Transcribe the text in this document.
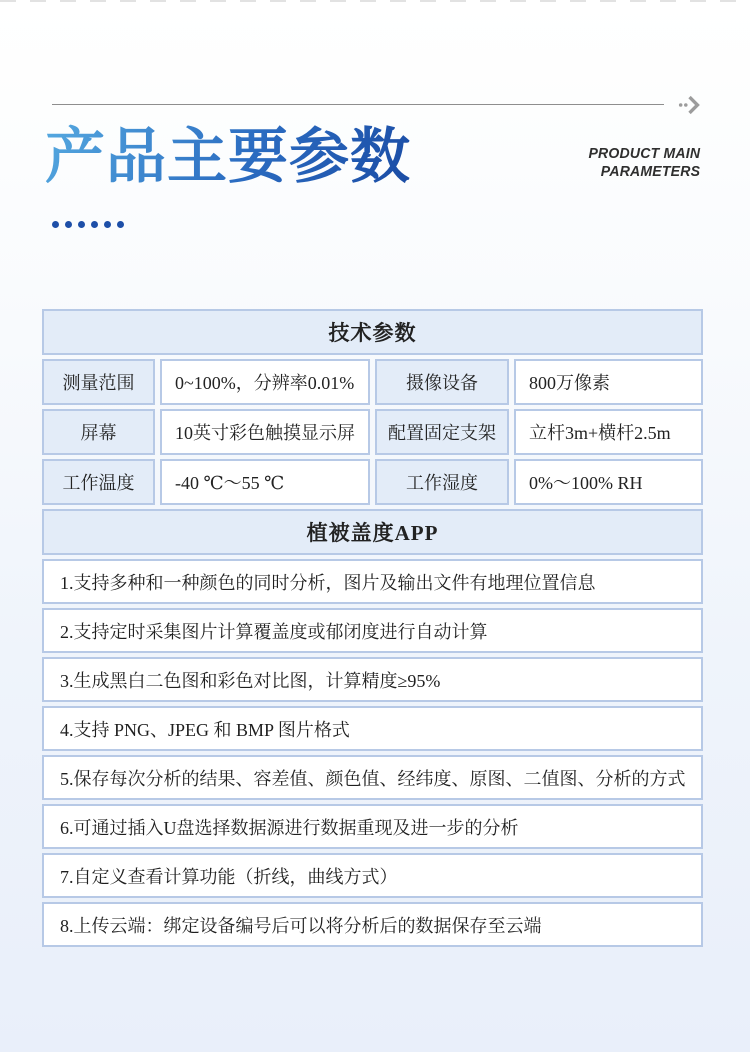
产品主要参数	PRODUCT MAIN
PARAMETERS
技术参数
测量范围	0~100%，分辨率0.01%	摄像设备	800万像素
屏幕	10英寸彩色触摸显示屏	配置固定支架	立杆3m+横杆2.5m
工作温度	-40 ℃～55 ℃	工作湿度	0%～100% RH
植被盖度APP
1.支持多种和一种颜色的同时分析，图片及输出文件有地理位置信息
2.支持定时采集图片计算覆盖度或郁闭度进行自动计算
3.生成黑白二色图和彩色对比图，计算精度≥95%
4.支持 PNG、JPEG 和 BMP 图片格式
5.保存每次分析的结果、容差值、颜色值、经纬度、原图、二值图、分析的方式
6.可通过插入U盘选择数据源进行数据重现及进一步的分析
7.自定义查看计算功能（折线，曲线方式）
8.上传云端：绑定设备编号后可以将分析后的数据保存至云端
